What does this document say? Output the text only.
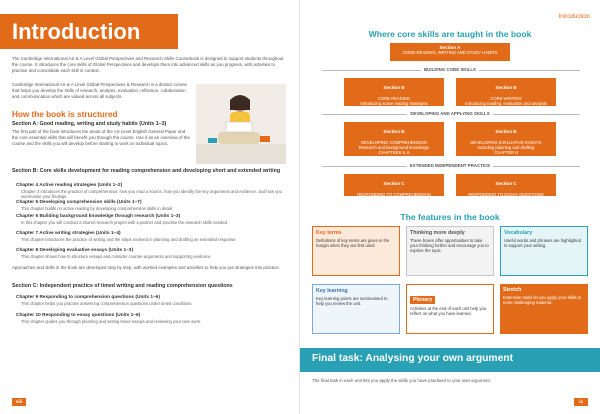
Introduction

The Cambridge International AS & A Level Global Perspectives and Research Skills Coursebook is designed to support students throughout the course. It introduces the core skills of Global Perspectives and develops them into advanced skills as you progress, with activities to practise and consolidate each skill in context.

Cambridge International AS & A Level Global Perspectives & Research is a distinct course that helps you develop the skills of research, analysis, evaluation, reflection, collaboration and communication which are valued across all subjects.

How the book is structured
Section A: Good reading, writing and study habits (Units 1–3)

The first part of the book introduces the areas of the AS Level English General Paper and the core essential skills that will benefit you through the course. Use it as an overview of the course and the skills you will develop before starting to work on individual topics.

Section B: Core skills development for reading comprehension and developing short and extended writing
Chapter 4 Active reading strategies (Units 1–2)
Chapter 4 introduces the practice of comprehension: how you read a source, how you identify the key arguments and evidence, and how you summarise your findings.
Chapter 5 Developing comprehension skills (Units 1–7)
This chapter builds on active reading by developing comprehension skills in detail.
Chapter 6 Building background knowledge through research (Units 1–3)
In this chapter you will conduct a shared research project with a partner and practise the research skills needed.
Chapter 7 Active writing strategies (Units 1–4)
This chapter introduces the practice of writing and the steps involved in planning and drafting an extended response.
Chapter 8 Developing evaluative essays (Units 1–3)
This chapter shows how to structure essays and consider counter-arguments and supporting evidence.

Approaches and skills in the book are developed step by step, with worked examples and activities to help you put strategies into practice.

Section C: Independent practice of timed writing and reading comprehension questions
Chapter 9 Responding to comprehension questions (Units 1–6)
This chapter helps you practise answering comprehension questions under timed conditions.
Chapter 10 Responding to essay questions (Units 1–6)
This chapter guides you through planning and writing timed essays and reviewing your own work.
viii
Introduction
Where core skills are taught in the book
Section A
GOOD READING, WRITING AND STUDY HABITS
BUILDING CORE SKILLS

Section B

CORE READING
Introducing active reading strategies
CHAPTER 4

Section B

CORE WRITING
Introducing reading, evaluation and analysis
CHAPTER 7

DEVELOPING AND APPLYING SKILLS

Section B

DEVELOPING COMPREHENSION
Research and background knowledge
CHAPTERS 5, 6

Section B

DEVELOPING EVALUATIVE ESSAYS
Including planning and drafting
CHAPTER 8

EXTENDED INDEPENDENT PRACTICE

Section C

RESPONDING TO COMPREHENSION QUESTIONS
CHAPTER 9

Section C

RESPONDING TO ESSAY QUESTIONS
CHAPTER 10

The features in the book
Key terms
Definitions of key terms are given in the margin when they are first used.
Thinking more deeply
These boxes offer opportunities to take your thinking further and encourage you to explore the topic.
Vocabulary
Useful words and phrases are highlighted to support your writing.
Key learning
Key learning points are summarised to help you review the unit.
Plenary
Activities at the end of each unit help you reflect on what you have learned.
Stretch
Extension tasks let you apply your skills to more challenging material.
Final task: Analysing your own argument

The final task in each unit lets you apply the skills you have practised to your own argument.

ix
